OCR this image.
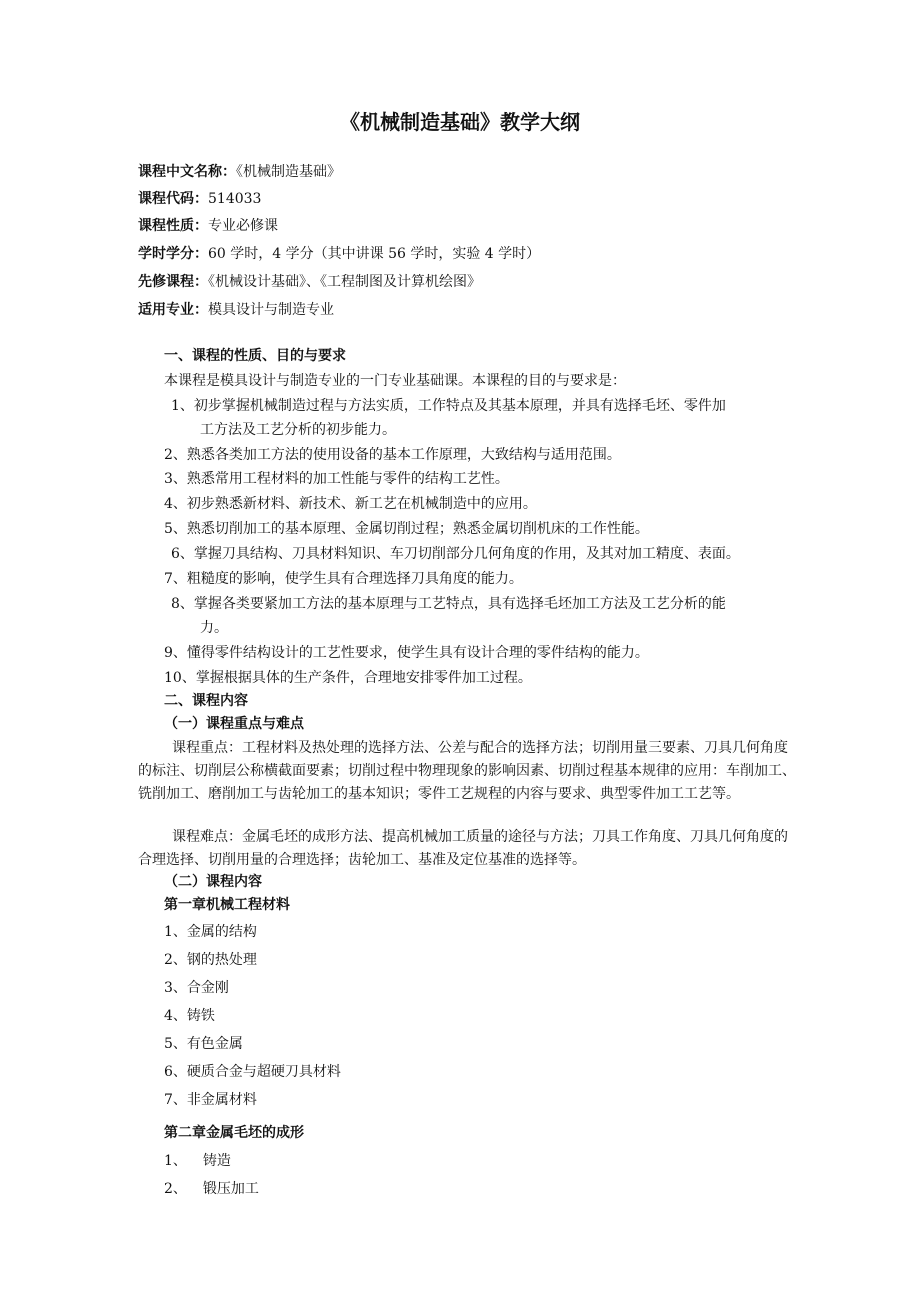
《机械制造基础》教学大纲
课程中文名称：《机械制造基础》
课程代码：514033
课程性质：专业必修课
学时学分：60 学时，4 学分（其中讲课 56 学时，实验 4 学时）
先修课程：《机械设计基础》、《工程制图及计算机绘图》
适用专业：模具设计与制造专业
一、课程的性质、目的与要求
本课程是模具设计与制造专业的一门专业基础课。本课程的目的与要求是：
1、初步掌握机械制造过程与方法实质，工作特点及其基本原理，并具有选择毛坯、零件加
工方法及工艺分析的初步能力。
2、熟悉各类加工方法的使用设备的基本工作原理，大致结构与适用范围。
3、熟悉常用工程材料的加工性能与零件的结构工艺性。
4、初步熟悉新材料、新技术、新工艺在机械制造中的应用。
5、熟悉切削加工的基本原理、金属切削过程；熟悉金属切削机床的工作性能。
6、掌握刀具结构、刀具材料知识、车刀切削部分几何角度的作用，及其对加工精度、表面。
7、粗糙度的影响，使学生具有合理选择刀具角度的能力。
8、掌握各类要紧加工方法的基本原理与工艺特点，具有选择毛坯加工方法及工艺分析的能
力。
9、懂得零件结构设计的工艺性要求，使学生具有设计合理的零件结构的能力。
10、掌握根据具体的生产条件，合理地安排零件加工过程。
二、课程内容
（一）课程重点与难点
课程重点：工程材料及热处理的选择方法、公差与配合的选择方法；切削用量三要素、刀具几何角度的标注、切削层公称横截面要素；切削过程中物理现象的影响因素、切削过程基本规律的应用：车削加工、铣削加工、磨削加工与齿轮加工的基本知识；零件工艺规程的内容与要求、典型零件加工工艺等。
课程难点：金属毛坯的成形方法、提高机械加工质量的途径与方法；刀具工作角度、刀具几何角度的合理选择、切削用量的合理选择；齿轮加工、基准及定位基准的选择等。
（二）课程内容
第一章机械工程材料
1、金属的结构
2、钢的热处理
3、合金刚
4、铸铁
5、有色金属
6、硬质合金与超硬刀具材料
7、非金属材料
第二章金属毛坯的成形
1、 铸造
2、 锻压加工
